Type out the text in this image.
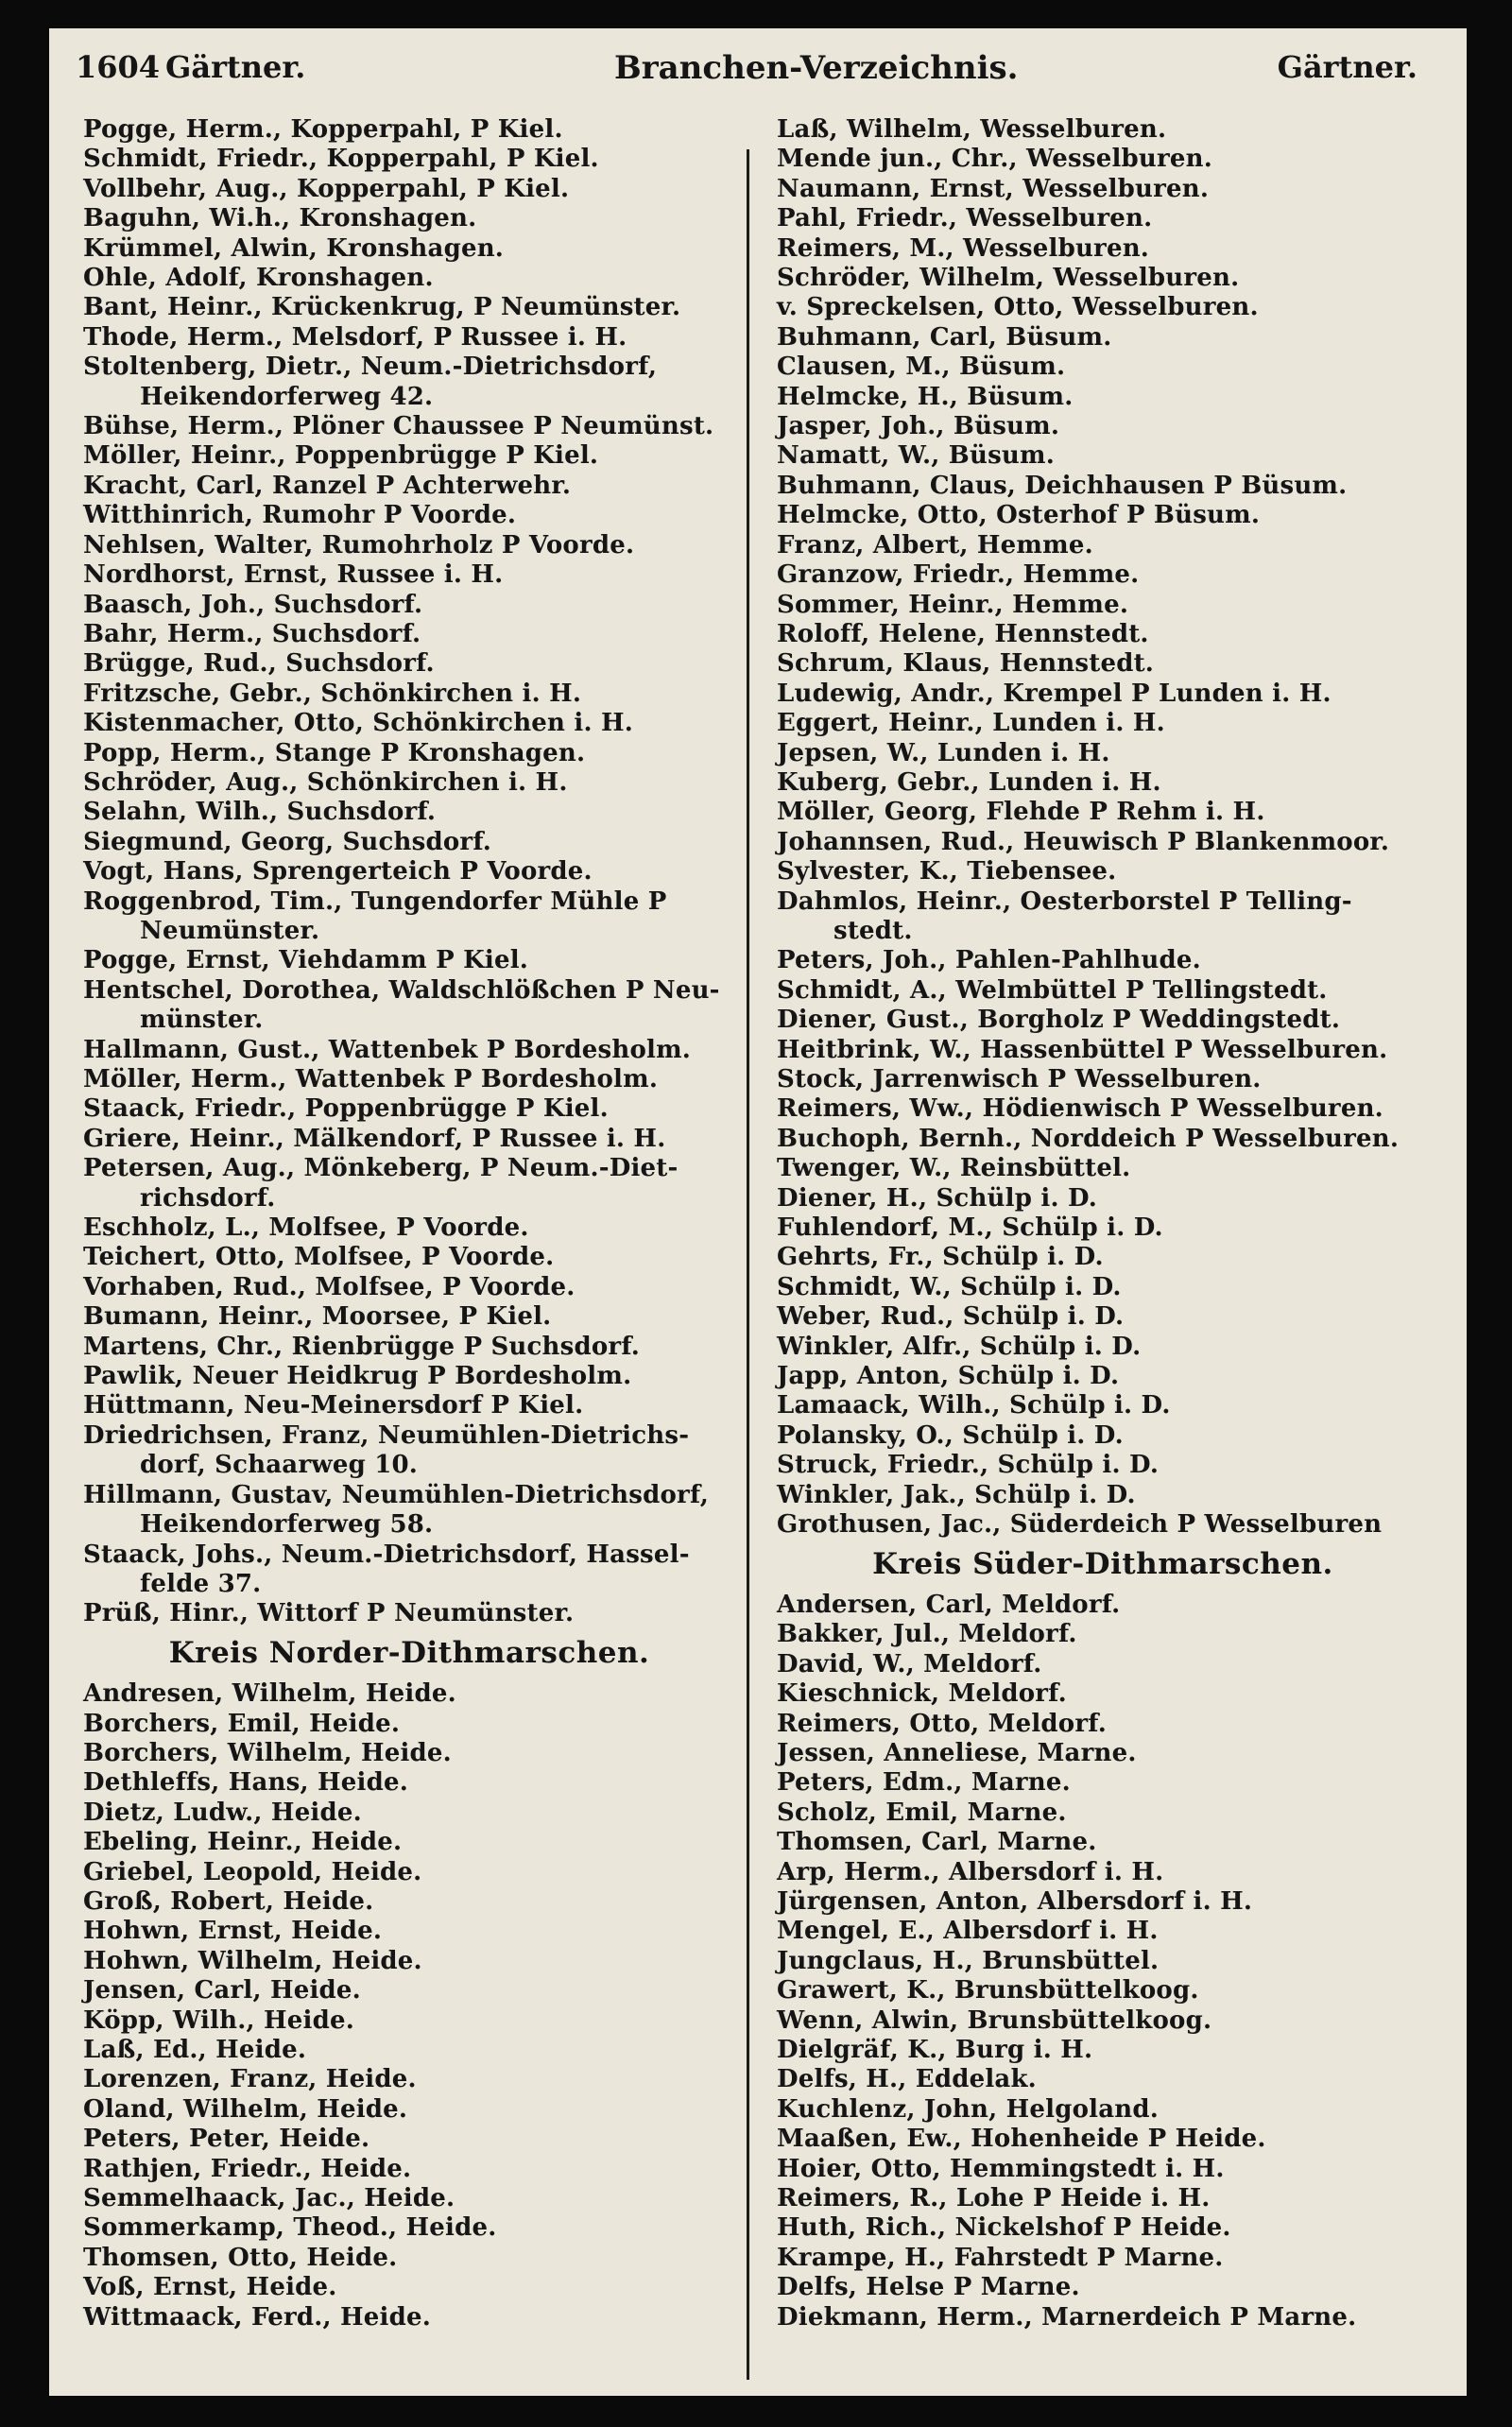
1604 Gärtner.	Branchen-Verzeichnis.	Gärtner.
Pogge, Herm., Kopperpahl, P Kiel.
Schmidt, Friedr., Kopperpahl, P Kiel.
Vollbehr, Aug., Kopperpahl, P Kiel.
Baguhn, Wi.h., Kronshagen.
Krümmel, Alwin, Kronshagen.
Ohle, Adolf, Kronshagen.
Bant, Heinr., Krückenkrug, P Neumünster.
Thode, Herm., Melsdorf, P Russee i. H.
Stoltenberg, Dietr., Neum.-Dietrichsdorf,
Heikendorferweg 42.
Bühse, Herm., Plöner Chaussee P Neumünst.
Möller, Heinr., Poppenbrügge P Kiel.
Kracht, Carl, Ranzel P Achterwehr.
Witthinrich, Rumohr P Voorde.
Nehlsen, Walter, Rumohrholz P Voorde.
Nordhorst, Ernst, Russee i. H.
Baasch, Joh., Suchsdorf.
Bahr, Herm., Suchsdorf.
Brügge, Rud., Suchsdorf.
Fritzsche, Gebr., Schönkirchen i. H.
Kistenmacher, Otto, Schönkirchen i. H.
Popp, Herm., Stange P Kronshagen.
Schröder, Aug., Schönkirchen i. H.
Selahn, Wilh., Suchsdorf.
Siegmund, Georg, Suchsdorf.
Vogt, Hans, Sprengerteich P Voorde.
Roggenbrod, Tim., Tungendorfer Mühle P
Neumünster.
Pogge, Ernst, Viehdamm P Kiel.
Hentschel, Dorothea, Waldschlößchen P Neu-
münster.
Hallmann, Gust., Wattenbek P Bordesholm.
Möller, Herm., Wattenbek P Bordesholm.
Staack, Friedr., Poppenbrügge P Kiel.
Griere, Heinr., Mälkendorf, P Russee i. H.
Petersen, Aug., Mönkeberg, P Neum.-Diet-
richsdorf.
Eschholz, L., Molfsee, P Voorde.
Teichert, Otto, Molfsee, P Voorde.
Vorhaben, Rud., Molfsee, P Voorde.
Bumann, Heinr., Moorsee, P Kiel.
Martens, Chr., Rienbrügge P Suchsdorf.
Pawlik, Neuer Heidkrug P Bordesholm.
Hüttmann, Neu-Meinersdorf P Kiel.
Driedrichsen, Franz, Neumühlen-Dietrichs-
dorf, Schaarweg 10.
Hillmann, Gustav, Neumühlen-Dietrichsdorf,
Heikendorferweg 58.
Staack, Johs., Neum.-Dietrichsdorf, Hassel-
felde 37.
Prüß, Hinr., Wittorf P Neumünster.
Kreis Norder-Dithmarschen.
Andresen, Wilhelm, Heide.
Borchers, Emil, Heide.
Borchers, Wilhelm, Heide.
Dethleffs, Hans, Heide.
Dietz, Ludw., Heide.
Ebeling, Heinr., Heide.
Griebel, Leopold, Heide.
Groß, Robert, Heide.
Hohwn, Ernst, Heide.
Hohwn, Wilhelm, Heide.
Jensen, Carl, Heide.
Köpp, Wilh., Heide.
Laß, Ed., Heide.
Lorenzen, Franz, Heide.
Oland, Wilhelm, Heide.
Peters, Peter, Heide.
Rathjen, Friedr., Heide.
Semmelhaack, Jac., Heide.
Sommerkamp, Theod., Heide.
Thomsen, Otto, Heide.
Voß, Ernst, Heide.
Wittmaack, Ferd., Heide.
Laß, Wilhelm, Wesselburen.
Mende jun., Chr., Wesselburen.
Naumann, Ernst, Wesselburen.
Pahl, Friedr., Wesselburen.
Reimers, M., Wesselburen.
Schröder, Wilhelm, Wesselburen.
v. Spreckelsen, Otto, Wesselburen.
Buhmann, Carl, Büsum.
Clausen, M., Büsum.
Helmcke, H., Büsum.
Jasper, Joh., Büsum.
Namatt, W., Büsum.
Buhmann, Claus, Deichhausen P Büsum.
Helmcke, Otto, Osterhof P Büsum.
Franz, Albert, Hemme.
Granzow, Friedr., Hemme.
Sommer, Heinr., Hemme.
Roloff, Helene, Hennstedt.
Schrum, Klaus, Hennstedt.
Ludewig, Andr., Krempel P Lunden i. H.
Eggert, Heinr., Lunden i. H.
Jepsen, W., Lunden i. H.
Kuberg, Gebr., Lunden i. H.
Möller, Georg, Flehde P Rehm i. H.
Johannsen, Rud., Heuwisch P Blankenmoor.
Sylvester, K., Tiebensee.
Dahmlos, Heinr., Oesterborstel P Telling-
stedt.
Peters, Joh., Pahlen-Pahlhude.
Schmidt, A., Welmbüttel P Tellingstedt.
Diener, Gust., Borgholz P Weddingstedt.
Heitbrink, W., Hassenbüttel P Wesselburen.
Stock, Jarrenwisch P Wesselburen.
Reimers, Ww., Hödienwisch P Wesselburen.
Buchoph, Bernh., Norddeich P Wesselburen.
Twenger, W., Reinsbüttel.
Diener, H., Schülp i. D.
Fuhlendorf, M., Schülp i. D.
Gehrts, Fr., Schülp i. D.
Schmidt, W., Schülp i. D.
Weber, Rud., Schülp i. D.
Winkler, Alfr., Schülp i. D.
Japp, Anton, Schülp i. D.
Lamaack, Wilh., Schülp i. D.
Polansky, O., Schülp i. D.
Struck, Friedr., Schülp i. D.
Winkler, Jak., Schülp i. D.
Grothusen, Jac., Süderdeich P Wesselburen
Kreis Süder-Dithmarschen.
Andersen, Carl, Meldorf.
Bakker, Jul., Meldorf.
David, W., Meldorf.
Kieschnick, Meldorf.
Reimers, Otto, Meldorf.
Jessen, Anneliese, Marne.
Peters, Edm., Marne.
Scholz, Emil, Marne.
Thomsen, Carl, Marne.
Arp, Herm., Albersdorf i. H.
Jürgensen, Anton, Albersdorf i. H.
Mengel, E., Albersdorf i. H.
Jungclaus, H., Brunsbüttel.
Grawert, K., Brunsbüttelkoog.
Wenn, Alwin, Brunsbüttelkoog.
Dielgräf, K., Burg i. H.
Delfs, H., Eddelak.
Kuchlenz, John, Helgoland.
Maaßen, Ew., Hohenheide P Heide.
Hoier, Otto, Hemmingstedt i. H.
Reimers, R., Lohe P Heide i. H.
Huth, Rich., Nickelshof P Heide.
Krampe, H., Fahrstedt P Marne.
Delfs, Helse P Marne.
Diekmann, Herm., Marnerdeich P Marne.
